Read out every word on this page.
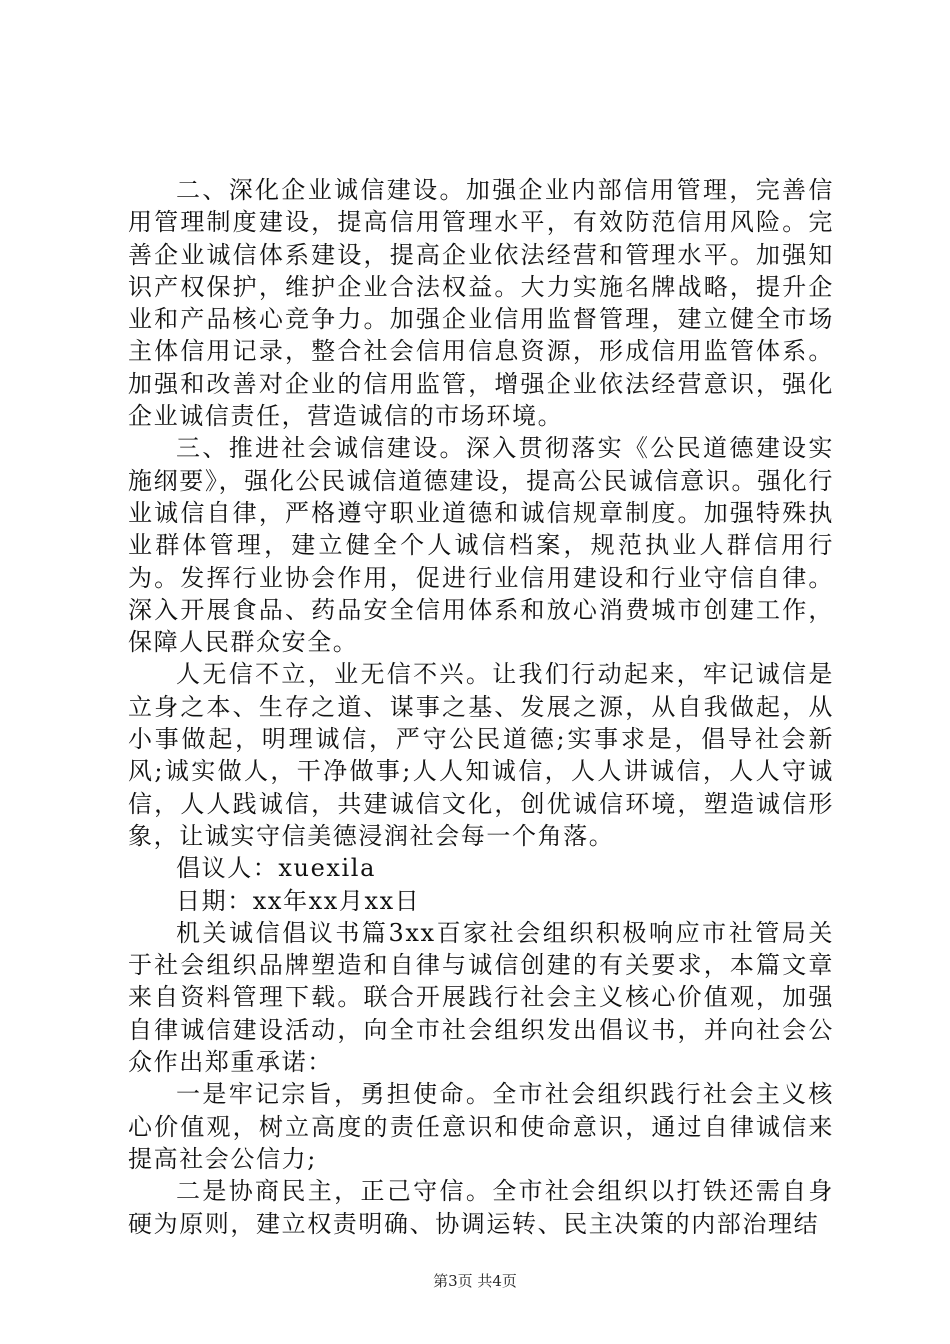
二、深化企业诚信建设。加强企业内部信用管理，完善信用管理制度建设，提高信用管理水平，有效防范信用风险。完善企业诚信体系建设，提高企业依法经营和管理水平。加强知识产权保护，维护企业合法权益。大力实施名牌战略，提升企业和产品核心竞争力。加强企业信用监督管理，建立健全市场主体信用记录，整合社会信用信息资源，形成信用监管体系。加强和改善对企业的信用监管，增强企业依法经营意识，强化企业诚信责任，营造诚信的市场环境。

三、推进社会诚信建设。深入贯彻落实《公民道德建设实施纲要》，强化公民诚信道德建设，提高公民诚信意识。强化行业诚信自律，严格遵守职业道德和诚信规章制度。加强特殊执业群体管理，建立健全个人诚信档案，规范执业人群信用行为。发挥行业协会作用，促进行业信用建设和行业守信自律。深入开展食品、药品安全信用体系和放心消费城市创建工作，保障人民群众安全。

人无信不立，业无信不兴。让我们行动起来，牢记诚信是立身之本、生存之道、谋事之基、发展之源，从自我做起，从小事做起，明理诚信，严守公民道德;实事求是，倡导社会新风;诚实做人，干净做事;人人知诚信，人人讲诚信，人人守诚信，人人践诚信，共建诚信文化，创优诚信环境，塑造诚信形象，让诚实守信美德浸润社会每一个角落。

倡议人：xuexila

日期：xx年xx月xx日

机关诚信倡议书篇3xx百家社会组织积极响应市社管局关于社会组织品牌塑造和自律与诚信创建的有关要求，本篇文章来自资料管理下载。联合开展践行社会主义核心价值观，加强自律诚信建设活动，向全市社会组织发出倡议书，并向社会公众作出郑重承诺：

一是牢记宗旨，勇担使命。全市社会组织践行社会主义核心价值观，树立高度的责任意识和使命意识，通过自律诚信来提高社会公信力;

二是协商民主，正己守信。全市社会组织以打铁还需自身硬为原则，建立权责明确、协调运转、民主决策的内部治理结

第3页 共4页
